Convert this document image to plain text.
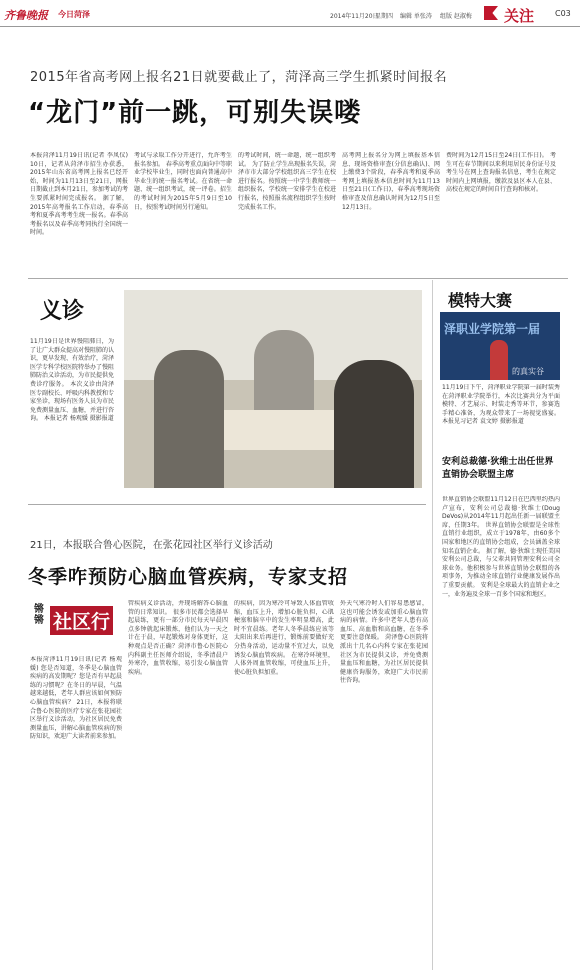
齐鲁晚报 今日菏泽	2014年11月20日
星期四 编辑 单张涛 组版 赵淑梅 关注	C03
2015年省高考网上报名21日就要截止了，菏泽高三学生抓紧时间报名
“龙门”前一跳，可别失误喽
本报菏泽11月19日讯(记者 李凤仪) 10日，记者从菏泽市招生办获悉，2015年山东省高考网上报名已经开始，时间为11月13日至21日，网报日期截止到本月21日，参加考试的考生要抓紧时间完成报名。 据了解，2015年高考报名工作启动，春季高考和夏季高考考生统一报名。春季高考报名以及春季高考同执行全国统一时间。
考试与录取工作分开进行，允许考生报名参加。 春季高考重点面向中等职业学校毕业生，同时也面向普通高中毕业生的统一报名考试。在省统一命题、统一组织考试，统一评卷。招生的考试时间为2015年5月9日至10日，按照考试时间另行通知。
的考试时间，统一命题，统一组织考试。 为了防止学生出现报名失误，菏泽市市大部分学校组织高三学生在校进行报名。按照统一中学生教师统一组织报名，学校统一安排学生在校进行报名，按照报名流程组织学生按时完成报名工作。
高考网上报名分为网上填报基本信息、现场资格审查(分信息确认)、网上缴费3个阶段，春季高考和夏季高考网上填报基本信息时间为11月13日至21日(工作日)，春季高考现场资格审查及信息确认时间为12月5日至12月13日。
费时间为12月15日至24日(工作日)。 考生可在春节期间以来利用居民身份证号及考生号在网上查询报名信息，考生在规定时间内上网填报，缴款及县区本人在县、高校在规定的时间自行查询和核对。
义诊
11月19日是世界慢阻肺日，为了让广大群众提高对慢阻肺的认识，更早发现、有效治疗，菏泽医学专科学校医院特举办了慢阻肺防治义诊活动，为市民提供免费诊疗服务。 本次义诊由菏泽医专副校长、呼吸内科教授和专家坐诊，现场有医务人员为市民免费测量血压、血糖，并进行咨询。 本报记者 杨观媛 摄影报道
模特大赛
泽职业学院第一届
的真实谷
11月19日下午，菏泽职业学院第一届时装秀在菏泽职业学院举行，本次比赛共分为平面模特、才艺展示、时装走秀等环节，参赛选手精心准备，为观众带来了一场视觉盛宴。 本报见习记者 袁文婷 摄影报道
安利总裁德·狄维士出任世界直销协会联盟主席
世界直销协会联盟11月12日在巴西里约热内卢宣布，安利公司总裁德·狄维士(Doug DeVos)从2014年11月起出任新一届联盟主席，任期3年。 世界直销协会联盟是全球性直销行业组织，成立于1978年，由60多个国家和地区的直销协会组成，会员涵盖全球知名直销企业。 据了解，德·狄维士现任美国安利公司总裁，与父辈共同管理安利公司全球业务。他积极参与世界直销协会联盟的各项事务，为推动全球直销行业健康发展作出了重要贡献。 安利是全球最大的直销企业之一，业务遍及全球一百多个国家和地区。
21日，本报联合鲁心医院，在张花园社区举行义诊活动
冬季咋预防心脑血管疾病，专家支招
锵锵 社区行
本报菏泽11月19日讯(记者 杨观媛) 您是否知道，冬季是心脑血管疾病的高发期呢？您是否有早起晨练的习惯呢？在冬日的早晨，气温越来越低，老年人群应该如何预防心脑血管疾病？ 21日，本报将联合鲁心医院的医疗专家在张花园社区举行义诊活动，为社区居民免费测量血压，讲解心脑血管疾病的预防知识，欢迎广大读者前来参加。
管疾病义诊活动，并现场解答心脑血管的日常知识。 很多市民都会选择早起晨练，更有一部分市民每天早晨四点多钟就起床锻炼，他们认为一天之计在于晨，早起锻炼对身体更好，这种观点是否正确？菏泽市鲁心医院心内科副主任医师介绍说，冬季清晨户外寒冷，血管收缩，易引发心脑血管疾病。
的疾病，因为寒冷可导致人体血管收缩，血压上升，增加心脏负担，心肌梗塞和脑卒中的发生率明显增高，此时不宜晨练。老年人冬季晨练应该等太阳出来后再进行，锻炼前要做好充分热身活动，运动量不宜过大，以免诱发心脑血管疾病。 在寒冷环境里，人体外周血管收缩，可使血压上升，使心脏负担加重。
外天气寒冷时人们容易患感冒，这也可能会诱发或加重心脑血管病的病情。许多中老年人患有高血压、高血脂和高血糖，在冬季更要注意保暖。 菏泽鲁心医院将派出十几名心内科专家在张花园社区为市民提供义诊，并免费测量血压和血糖，为社区居民提供健康咨询服务，欢迎广大市民前往咨询。
